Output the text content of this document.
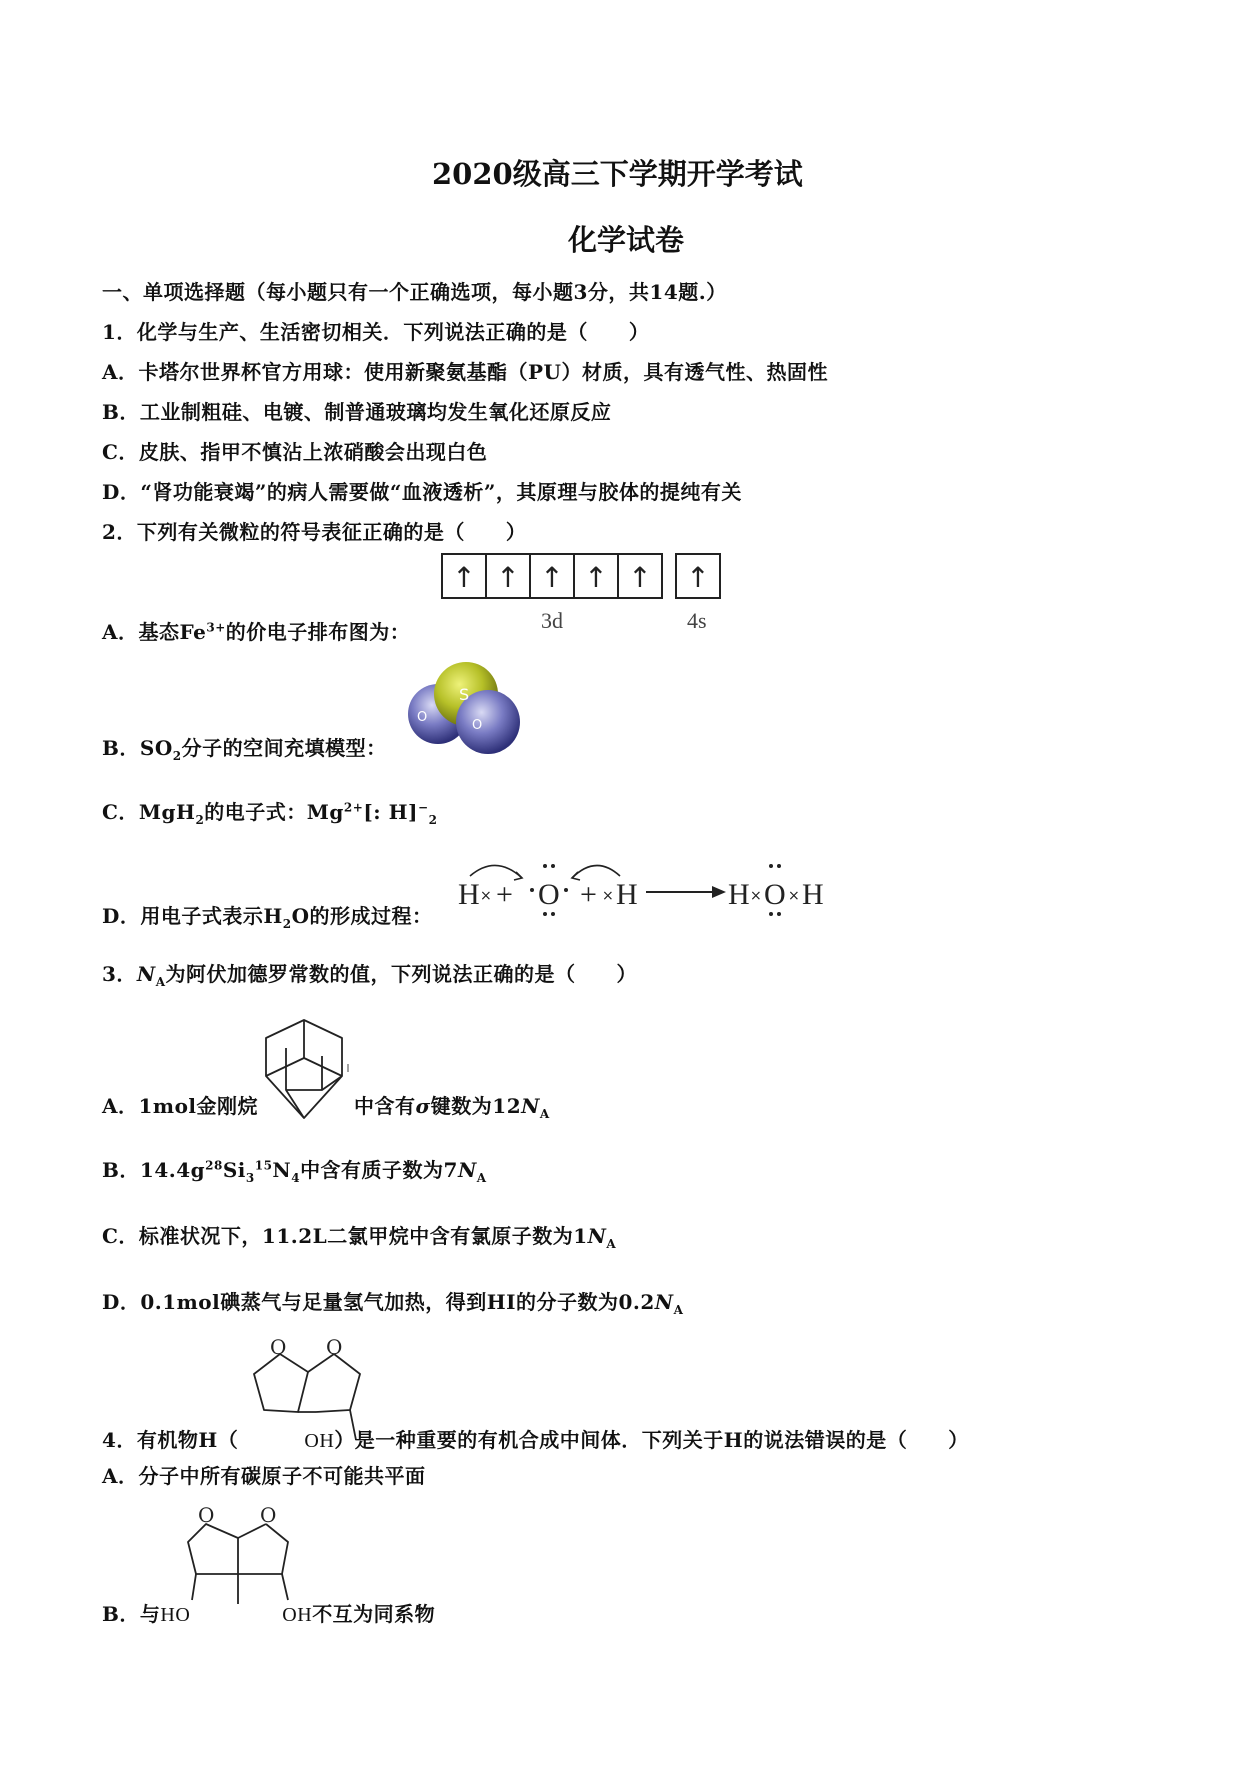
2020级高三下学期开学考试
化学试卷
一、单项选择题（每小题只有一个正确选项，每小题3分，共14题.）
1．化学与生产、生活密切相关．下列说法正确的是（　　）
A．卡塔尔世界杯官方用球：使用新聚氨基酯（PU）材质，具有透气性、热固性
B．工业制粗硅、电镀、制普通玻璃均发生氧化还原反应
C．皮肤、指甲不慎沾上浓硝酸会出现白色
D．“肾功能衰竭”的病人需要做“血液透析”，其原理与胶体的提纯有关
2．下列有关微粒的符号表征正确的是（　　）
↑ ↑ ↑ ↑ ↑ ↑
3d	4s
A．基态$Fe^{3+}$的价电子排布图为：
S
O
O
B．$SO_2$分子的空间充填模型：
C．MgH$_2$的电子式：$Mg^{2+}$[: $H]^-_2$
H + O + H	H O H
×	×	× ×
D．用电子式表示$H_2O$的形成过程：
3．$N_A$为阿伏加德罗常数的值，下列说法正确的是（　　）
A．1mol金刚烷	中含有σ键数为$12N_A$
B．$14.4g^{28}Si_3^{15}N_4$中含有质子数为$7N_A$
C．标准状况下，11.2L二氯甲烷中含有氯原子数为$1N_A$
D．0.1mol碘蒸气与足量氢气加热，得到HI的分子数为$0.2N_A$
O O
4．有机物H（	OH）是一种重要的有机合成中间体．下列关于H的说法错误的是（　　）
A．分子中所有碳原子不可能共平面
O O
B．与HO	OH不互为同系物
